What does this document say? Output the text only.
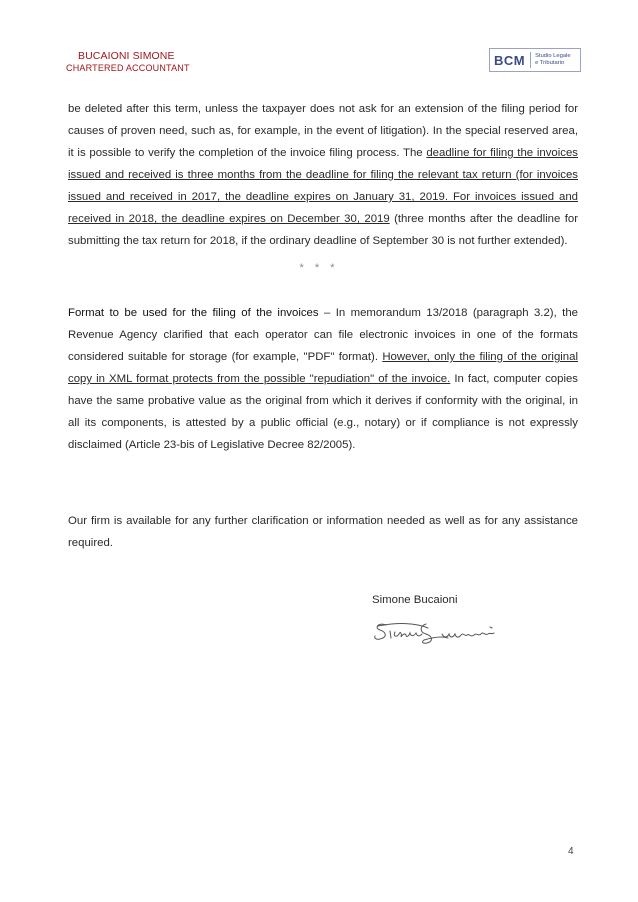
BUCAIONI SIMONE
CHARTERED ACCOUNTANT
BCM	Studio Legale
e Tributario

be deleted after this term, unless the taxpayer does not ask for an extension of the filing period for causes of proven need, such as, for example, in the event of litigation). In the special reserved area, it is possible to verify the completion of the invoice filing process. The deadline for filing the invoices issued and received is three months from the deadline for filing the relevant tax return (for invoices issued and received in 2017, the deadline expires on January 31, 2019. For invoices issued and received in 2018, the deadline expires on December 30, 2019 (three months after the deadline for submitting the tax return for 2018, if the ordinary deadline of September 30 is not further extended).

* * *

Format to be used for the filing of the invoices – In memorandum 13/2018 (paragraph 3.2), the Revenue Agency clarified that each operator can file electronic invoices in one of the formats considered suitable for storage (for example, "PDF" format). However, only the filing of the original copy in XML format protects from the possible "repudiation" of the invoice. In fact, computer copies have the same probative value as the original from which it derives if conformity with the original, in all its components, is attested by a public official (e.g., notary) or if compliance is not expressly disclaimed (Article 23-bis of Legislative Decree 82/2005).

Our firm is available for any further clarification or information needed as well as for any assistance required.

Simone Bucaioni
4
